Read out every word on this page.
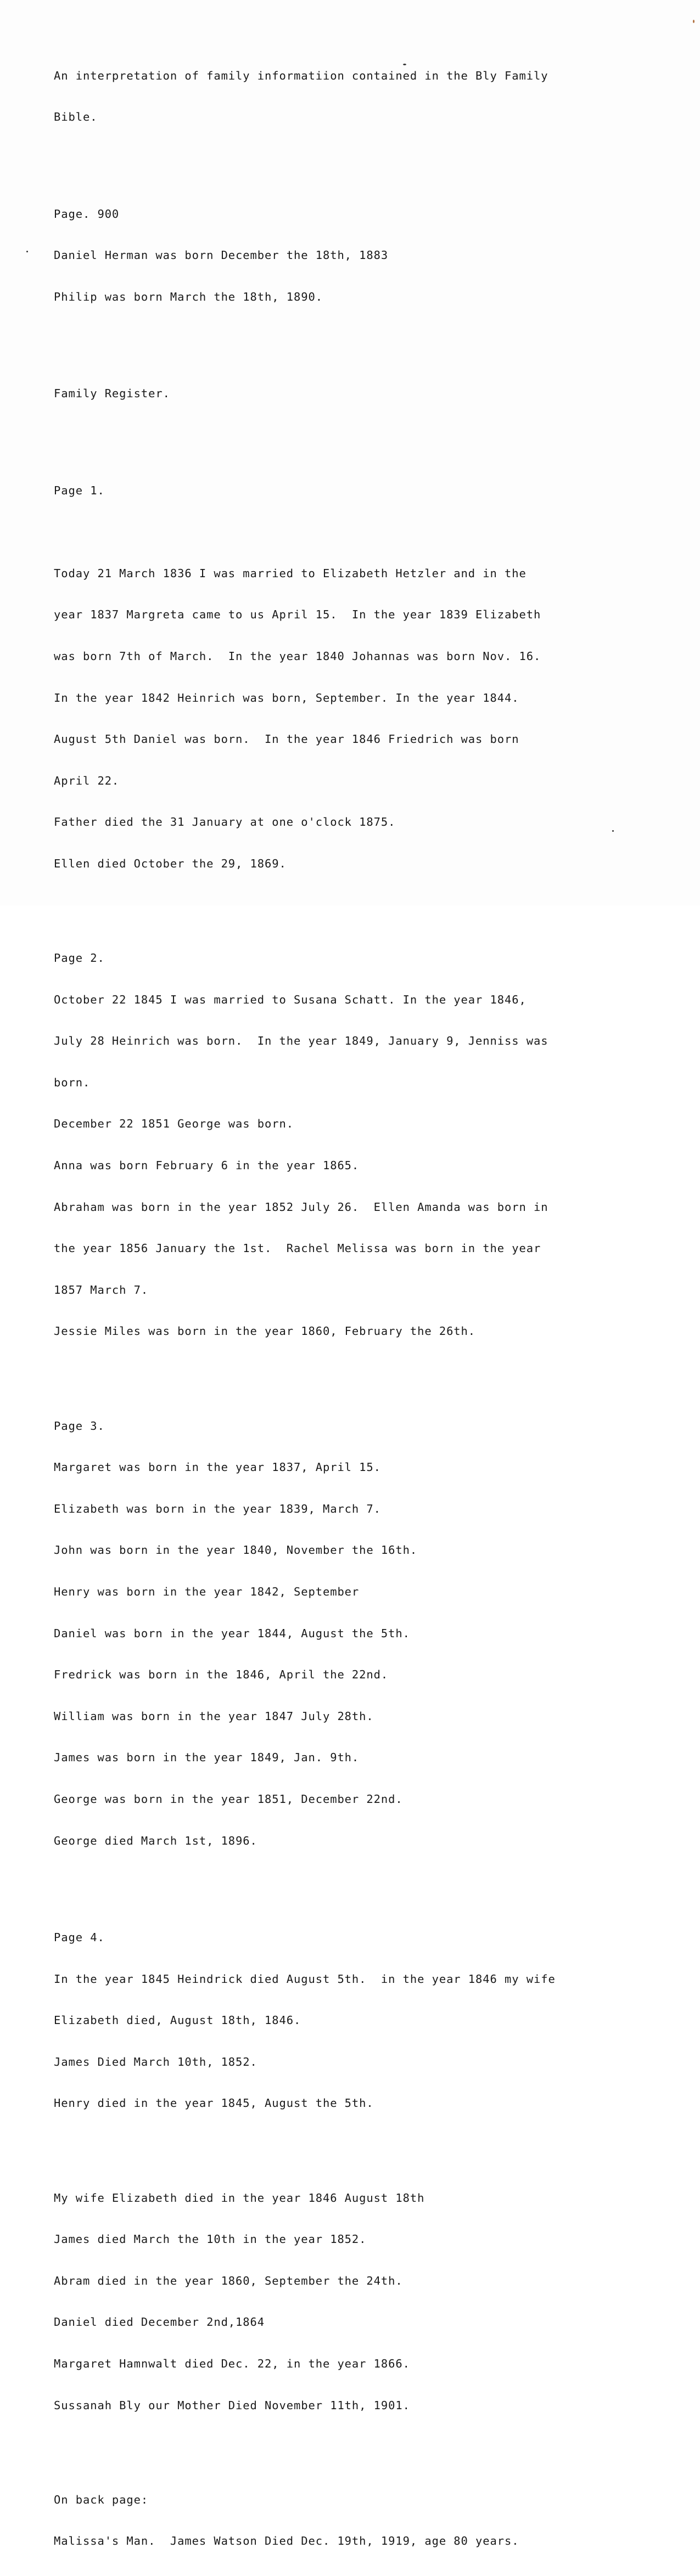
An interpretation of family informatiion contained in the Bly Family

Bible.

Page. 900

Daniel Herman was born December the 18th, 1883

Philip was born March the 18th, 1890.

Family Register.

Page 1.

Today 21 March 1836 I was married to Elizabeth Hetzler and in the

year 1837 Margreta came to us April 15.  In the year 1839 Elizabeth

was born 7th of March.  In the year 1840 Johannas was born Nov. 16.

In the year 1842 Heinrich was born, September. In the year 1844.

August 5th Daniel was born.  In the year 1846 Friedrich was born

April 22.

Father died the 31 January at one o'clock 1875.

Ellen died October the 29, 1869.

Page 2.

October 22 1845 I was married to Susana Schatt. In the year 1846,

July 28 Heinrich was born.  In the year 1849, January 9, Jenniss was

born.

December 22 1851 George was born.

Anna was born February 6 in the year 1865.

Abraham was born in the year 1852 July 26.  Ellen Amanda was born in

the year 1856 January the 1st.  Rachel Melissa was born in the year

1857 March 7.

Jessie Miles was born in the year 1860, February the 26th.

Page 3.

Margaret was born in the year 1837, April 15.

Elizabeth was born in the year 1839, March 7.

John was born in the year 1840, November the 16th.

Henry was born in the year 1842, September

Daniel was born in the year 1844, August the 5th.

Fredrick was born in the 1846, April the 22nd.

William was born in the year 1847 July 28th.

James was born in the year 1849, Jan. 9th.

George was born in the year 1851, December 22nd.

George died March 1st, 1896.

Page 4.

In the year 1845 Heindrick died August 5th.  in the year 1846 my wife

Elizabeth died, August 18th, 1846.

James Died March 10th, 1852.

Henry died in the year 1845, August the 5th.

My wife Elizabeth died in the year 1846 August 18th

James died March the 10th in the year 1852.

Abram died in the year 1860, September the 24th.

Daniel died December 2nd,1864

Margaret Hamnwalt died Dec. 22, in the year 1866.

Sussanah Bly our Mother Died November 11th, 1901.

On back page:

Malissa's Man.  James Watson Died Dec. 19th, 1919, age 80 years.
